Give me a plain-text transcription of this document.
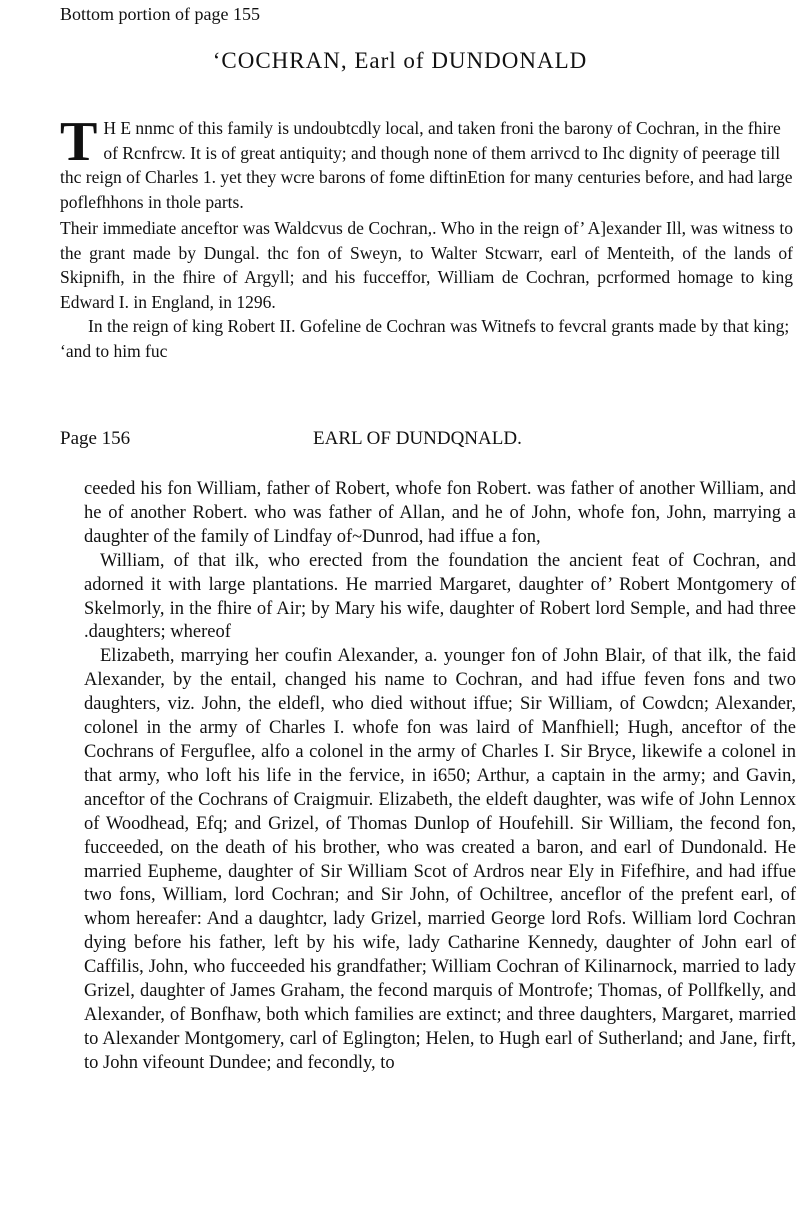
Bottom portion of page 155
‘COCHRAN, Earl of DUNDONALD

T H E nnmc of this family is undoubtcdly local, and taken froni the barony of Cochran, in the fhire of Rcnfrcw. It is of great antiquity; and though none of them arrivcd to Ihc dignity of peerage till thc reign of Charles 1. yet they wcre barons of fome diftinEtion for many centuries before, and had large poflefhhons in thole parts.

Their immediate anceftor was Waldcvus de Cochran,. Who in the reign of’ A]exander Ill, was witness to the grant made by Dungal. thc fon of Sweyn, to Walter Stcwarr, earl of Menteith, of the lands of Skipnifh, in the fhire of Argyll; and his fucceffor, William de Cochran, pcrformed homage to king Edward I. in England, in 1296.

In the reign of king Robert II. Gofeline de Cochran was Witnefs to fevcral grants made by that king; ‘and to him fuc

Page 156	EARL OF DUNDQNALD.

ceeded his fon William, father of Robert, whofe fon Robert. was father of another William, and he of another Robert. who was father of Allan, and he of John, whofe fon, John, marrying a daughter of the family of Lindfay of~Dunrod, had iffue a fon,

William, of that ilk, who erected from the foundation the ancient feat of Cochran, and adorned it with large plantations. He married Margaret, daughter of’ Robert Montgomery of Skelmorly, in the fhire of Air; by Mary his wife, daughter of Robert lord Semple, and had three .daughters; whereof

Elizabeth, marrying her coufin Alexander, a. younger fon of John Blair, of that ilk, the faid Alexander, by the entail, changed his name to Cochran, and had iffue feven fons and two daughters, viz. John, the eldefl, who died without iffue; Sir William, of Cowdcn; Alexander, colonel in the army of Charles I. whofe fon was laird of Manfhiell; Hugh, anceftor of the Cochrans of Ferguflee, alfo a colonel in the army of Charles I. Sir Bryce, likewife a colonel in that army, who loft his life in the fervice, in i650; Arthur, a captain in the army; and Gavin, anceftor of the Cochrans of Craigmuir. Elizabeth, the eldeft daughter, was wife of John Lennox of Woodhead, Efq; and Grizel, of Thomas Dunlop of Houfehill. Sir William, the fecond fon, fucceeded, on the death of his brother, who was created a baron, and earl of Dundonald. He married Eupheme, daughter of Sir William Scot of Ardros near Ely in Fifefhire, and had iffue two fons, William, lord Cochran; and Sir John, of Ochiltree, anceflor of the prefent earl, of whom hereafer: And a daughtcr, lady Grizel, married George lord Rofs. William lord Cochran dying before his father, left by his wife, lady Catharine Kennedy, daughter of John earl of Caffilis, John, who fucceeded his grandfather; William Cochran of Kilinarnock, married to lady Grizel, daughter of James Graham, the fecond marquis of Montrofe; Thomas, of Pollfkelly, and Alexander, of Bonfhaw, both which families are extinct; and three daughters, Margaret, married to Alexander Montgomery, carl of Eglington; Helen, to Hugh earl of Sutherland; and Jane, firft, to John vifeount Dundee; and fecondly, to
